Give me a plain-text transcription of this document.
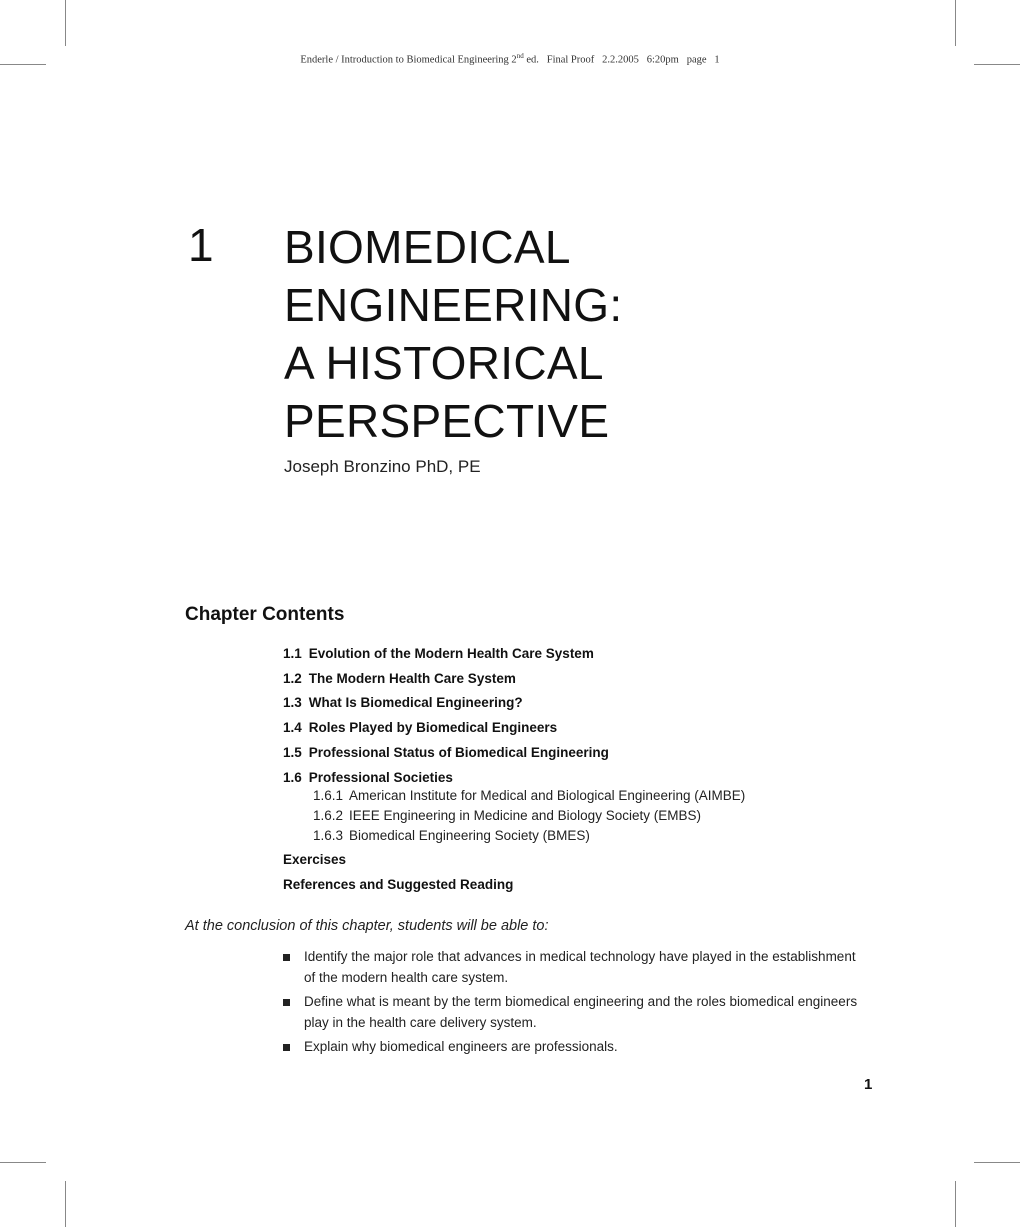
Enderle / Introduction to Biomedical Engineering 2nd ed.   Final Proof   2.2.2005   6:20pm   page   1
1 BIOMEDICAL
ENGINEERING:
A HISTORICAL
PERSPECTIVE
Joseph Bronzino PhD, PE
Chapter Contents
1.1 Evolution of the Modern Health Care System
1.2 The Modern Health Care System
1.3 What Is Biomedical Engineering?
1.4 Roles Played by Biomedical Engineers
1.5 Professional Status of Biomedical Engineering
1.6 Professional Societies
1.6.1 American Institute for Medical and Biological Engineering (AIMBE)
1.6.2 IEEE Engineering in Medicine and Biology Society (EMBS)
1.6.3 Biomedical Engineering Society (BMES)
Exercises
References and Suggested Reading
At the conclusion of this chapter, students will be able to:
Identify the major role that advances in medical technology have played in the establishment of the modern health care system.
Define what is meant by the term biomedical engineering and the roles biomedical engineers play in the health care delivery system.
Explain why biomedical engineers are professionals.
1
